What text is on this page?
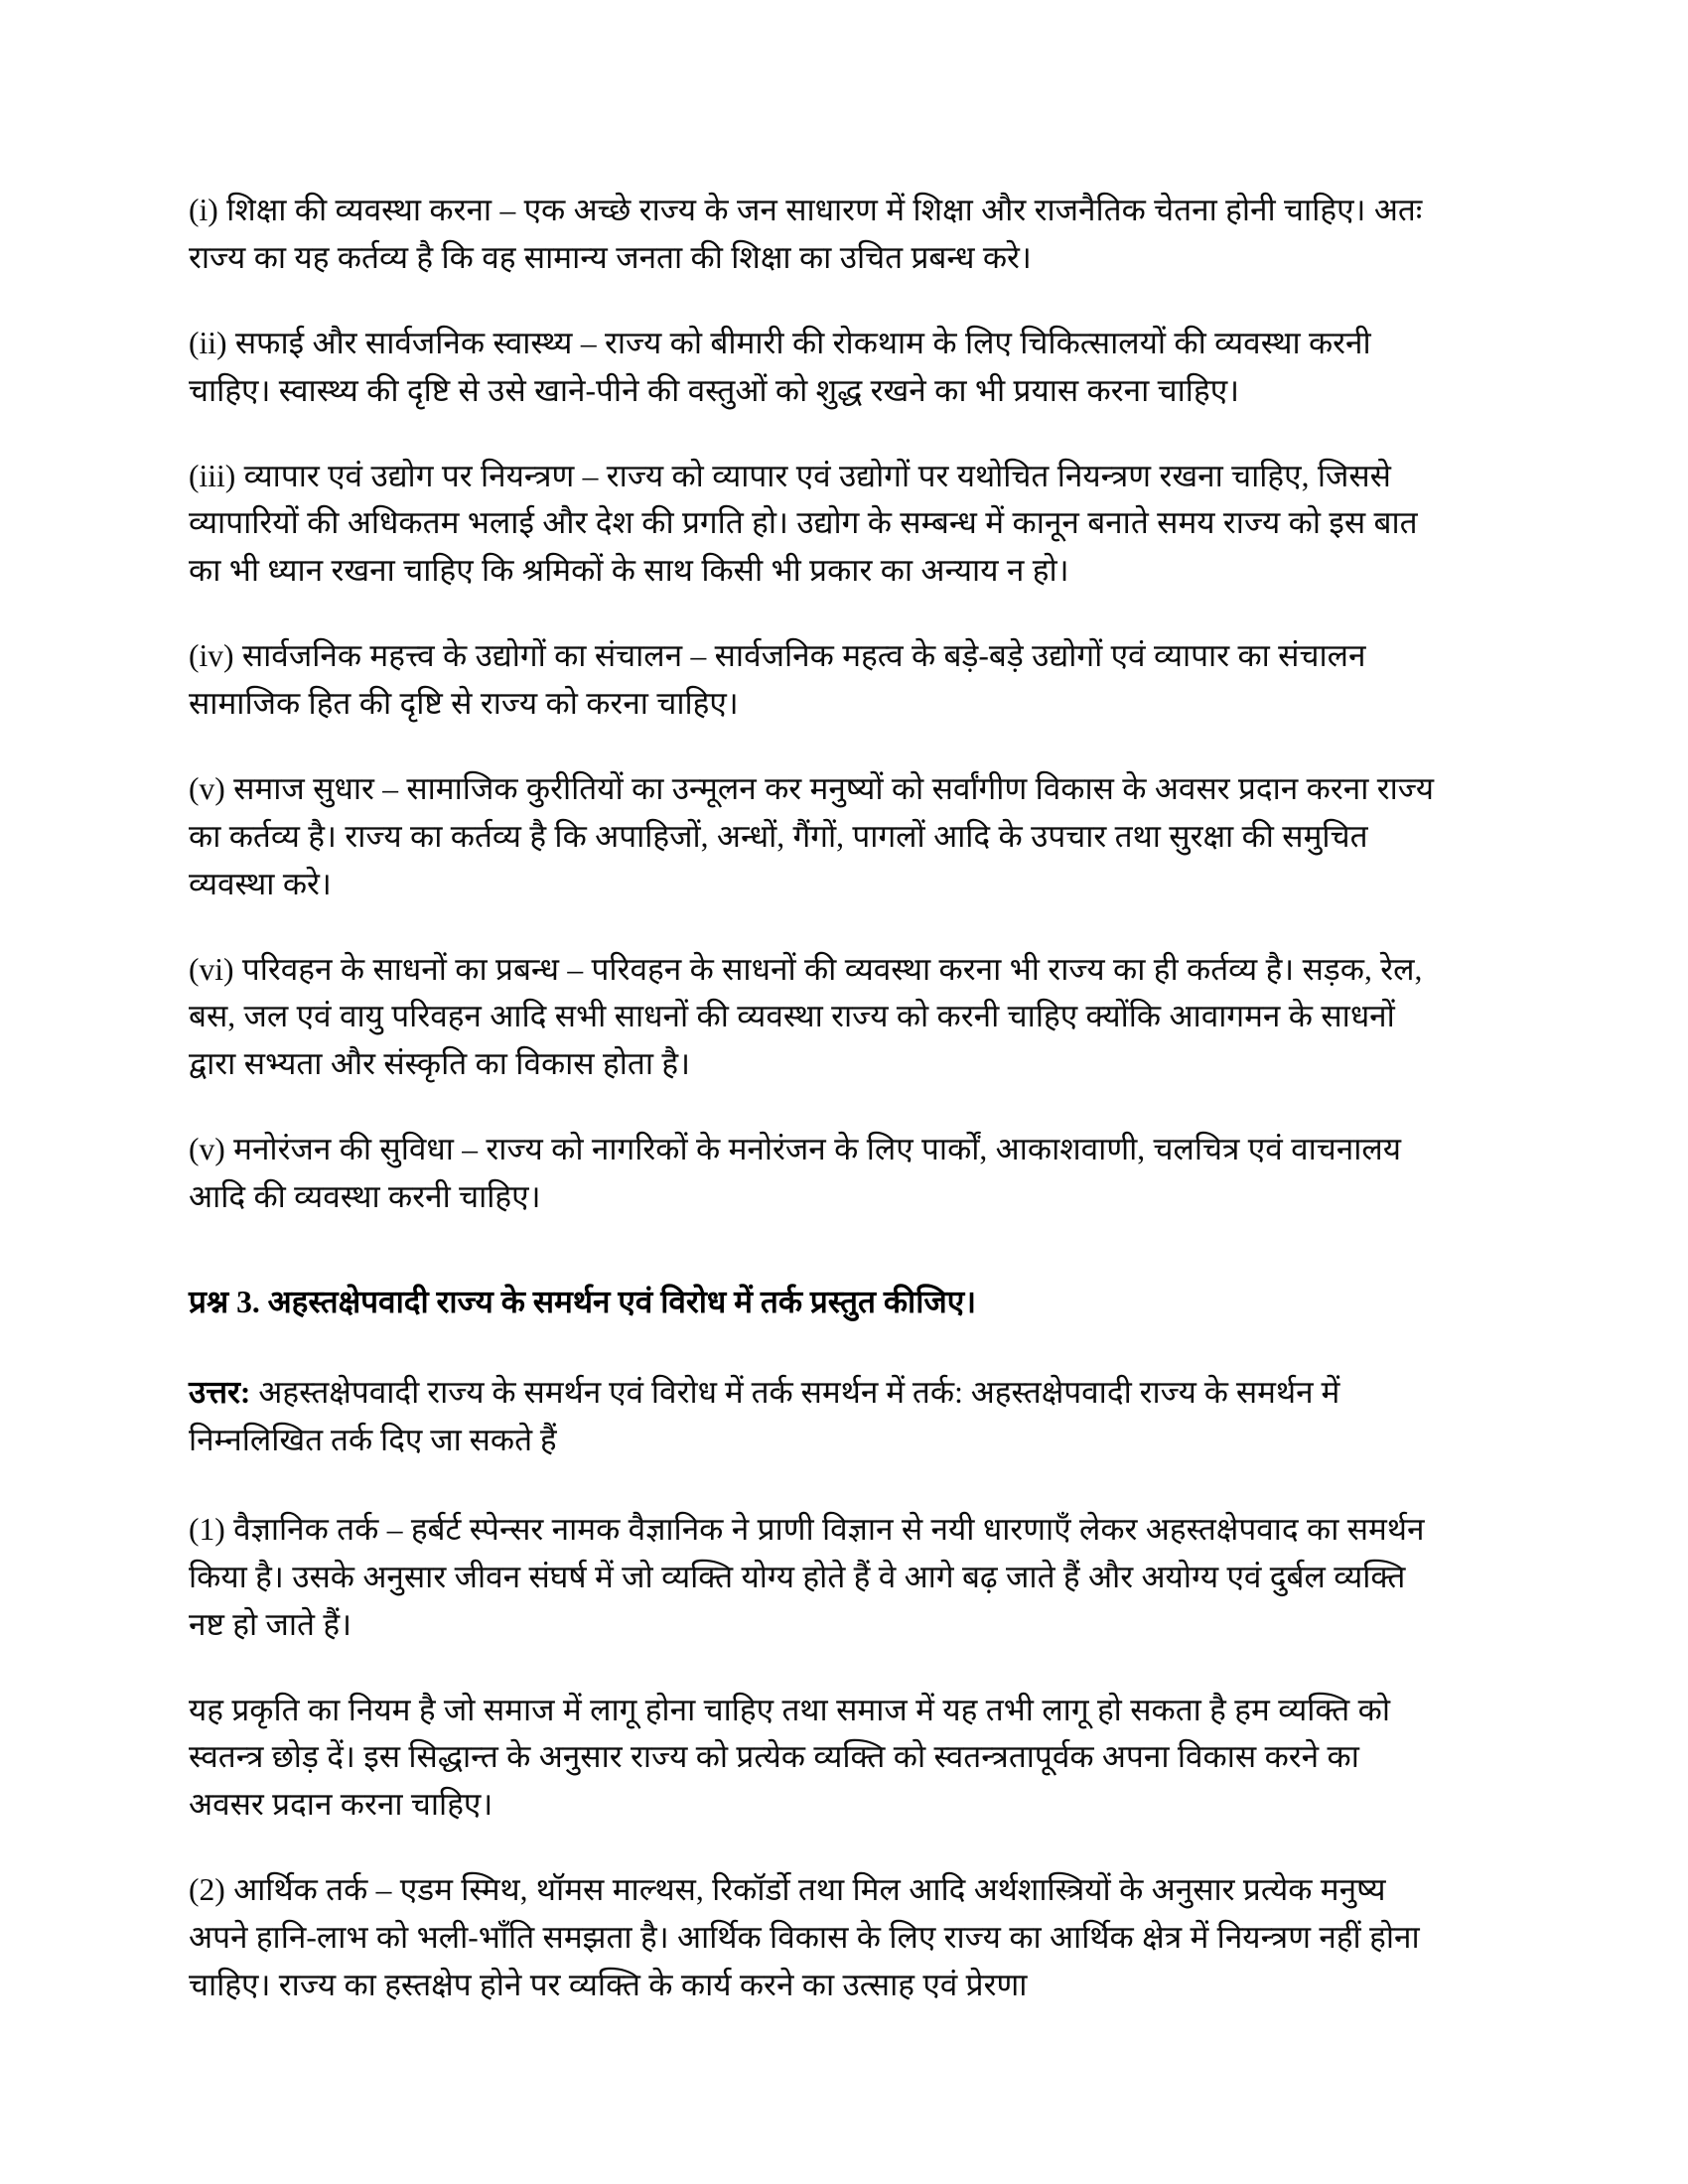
(i) शिक्षा की व्यवस्था करना – एक अच्छे राज्य के जन साधारण में शिक्षा और राजनैतिक चेतना होनी चाहिए। अतः राज्य का यह कर्तव्य है कि वह सामान्य जनता की शिक्षा का उचित प्रबन्ध करे।

(ii) सफाई और सार्वजनिक स्वास्थ्य – राज्य को बीमारी की रोकथाम के लिए चिकित्सालयों की व्यवस्था करनी चाहिए। स्वास्थ्य की दृष्टि से उसे खाने-पीने की वस्तुओं को शुद्ध रखने का भी प्रयास करना चाहिए।

(iii) व्यापार एवं उद्योग पर नियन्त्रण – राज्य को व्यापार एवं उद्योगों पर यथोचित नियन्त्रण रखना चाहिए, जिससे व्यापारियों की अधिकतम भलाई और देश की प्रगति हो। उद्योग के सम्बन्ध में कानून बनाते समय राज्य को इस बात का भी ध्यान रखना चाहिए कि श्रमिकों के साथ किसी भी प्रकार का अन्याय न हो।

(iv) सार्वजनिक महत्त्व के उद्योगों का संचालन – सार्वजनिक महत्व के बड़े-बड़े उद्योगों एवं व्यापार का संचालन सामाजिक हित की दृष्टि से राज्य को करना चाहिए।

(v) समाज सुधार – सामाजिक कुरीतियों का उन्मूलन कर मनुष्यों को सर्वांगीण विकास के अवसर प्रदान करना राज्य का कर्तव्य है। राज्य का कर्तव्य है कि अपाहिजों, अन्धों, गैंगों, पागलों आदि के उपचार तथा सुरक्षा की समुचित व्यवस्था करे।

(vi) परिवहन के साधनों का प्रबन्ध – परिवहन के साधनों की व्यवस्था करना भी राज्य का ही कर्तव्य है। सड़क, रेल, बस, जल एवं वायु परिवहन आदि सभी साधनों की व्यवस्था राज्य को करनी चाहिए क्योंकि आवागमन के साधनों द्वारा सभ्यता और संस्कृति का विकास होता है।

(v) मनोरंजन की सुविधा – राज्य को नागरिकों के मनोरंजन के लिए पार्कों, आकाशवाणी, चलचित्र एवं वाचनालय आदि की व्यवस्था करनी चाहिए।

प्रश्न 3. अहस्तक्षेपवादी राज्य के समर्थन एवं विरोध में तर्क प्रस्तुत कीजिए।

उत्तर: अहस्तक्षेपवादी राज्य के समर्थन एवं विरोध में तर्क समर्थन में तर्क: अहस्तक्षेपवादी राज्य के समर्थन में निम्नलिखित तर्क दिए जा सकते हैं

(1) वैज्ञानिक तर्क – हर्बर्ट स्पेन्सर नामक वैज्ञानिक ने प्राणी विज्ञान से नयी धारणाएँ लेकर अहस्तक्षेपवाद का समर्थन किया है। उसके अनुसार जीवन संघर्ष में जो व्यक्ति योग्य होते हैं वे आगे बढ़ जाते हैं और अयोग्य एवं दुर्बल व्यक्ति नष्ट हो जाते हैं।

यह प्रकृति का नियम है जो समाज में लागू होना चाहिए तथा समाज में यह तभी लागू हो सकता है हम व्यक्ति को स्वतन्त्र छोड़ दें। इस सिद्धान्त के अनुसार राज्य को प्रत्येक व्यक्ति को स्वतन्त्रतापूर्वक अपना विकास करने का अवसर प्रदान करना चाहिए।

(2) आर्थिक तर्क – एडम स्मिथ, थॉमस माल्थस, रिकॉर्डो तथा मिल आदि अर्थशास्त्रियों के अनुसार प्रत्येक मनुष्य अपने हानि-लाभ को भली-भाँति समझता है। आर्थिक विकास के लिए राज्य का आर्थिक क्षेत्र में नियन्त्रण नहीं होना चाहिए। राज्य का हस्तक्षेप होने पर व्यक्ति के कार्य करने का उत्साह एवं प्रेरणा
